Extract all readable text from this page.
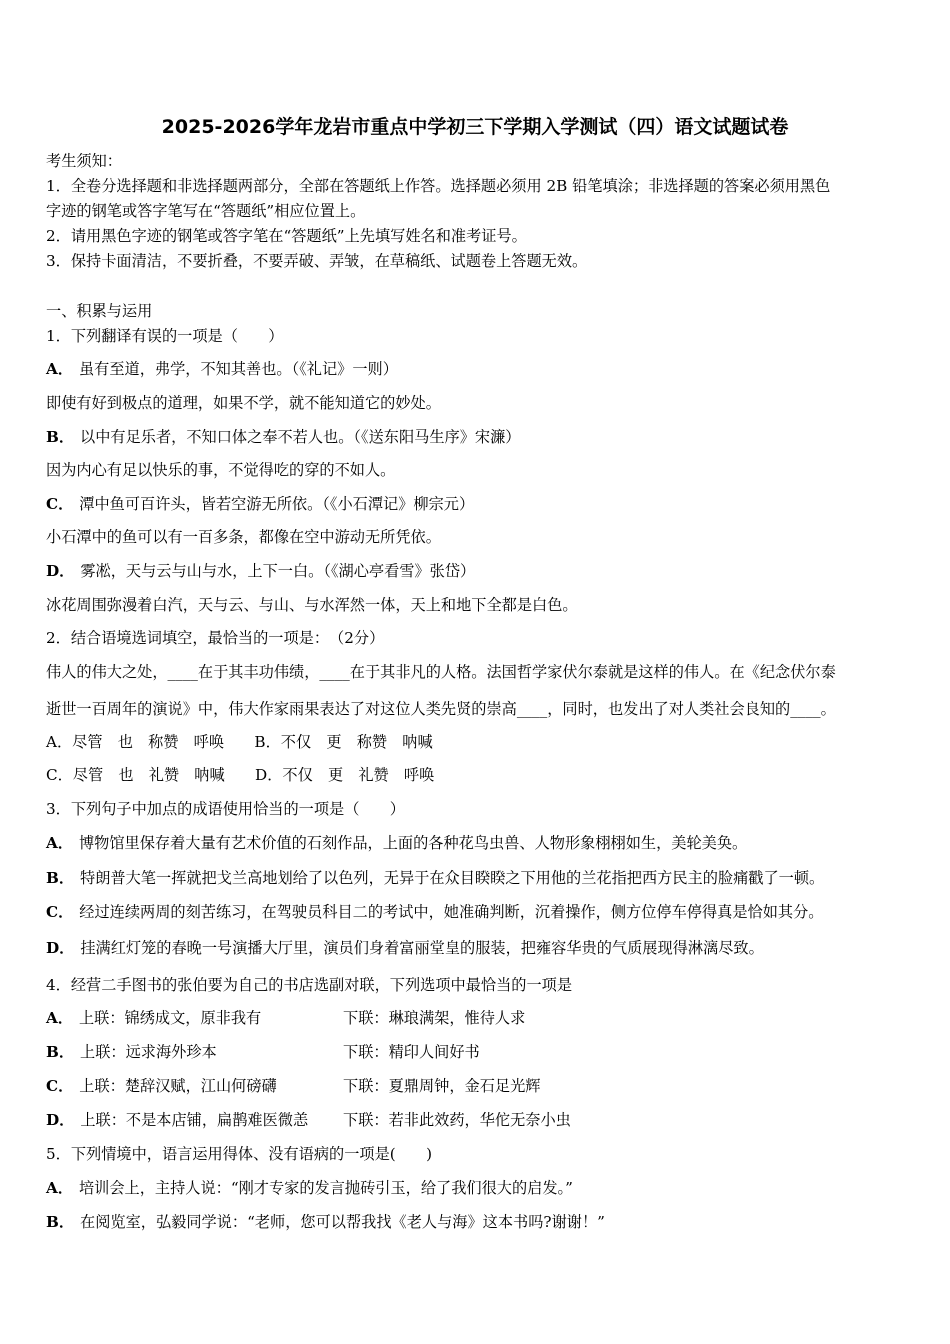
2025-2026学年龙岩市重点中学初三下学期入学测试（四）语文试题试卷
考生须知：
1．全卷分选择题和非选择题两部分，全部在答题纸上作答。选择题必须用 2B 铅笔填涂；非选择题的答案必须用黑色
字迹的钢笔或答字笔写在“答题纸”相应位置上。
2．请用黑色字迹的钢笔或答字笔在“答题纸”上先填写姓名和准考证号。
3．保持卡面清洁，不要折叠，不要弄破、弄皱，在草稿纸、试题卷上答题无效。
一、积累与运用
1．下列翻译有误的一项是（　　）
A． 虽有至道，弗学，不知其善也。（《礼记》一则）
即使有好到极点的道理，如果不学，就不能知道它的妙处。
B． 以中有足乐者，不知口体之奉不若人也。（《送东阳马生序》宋濂）
因为内心有足以快乐的事，不觉得吃的穿的不如人。
C． 潭中鱼可百许头，皆若空游无所依。（《小石潭记》柳宗元）
小石潭中的鱼可以有一百多条，都像在空中游动无所凭依。
D． 雾凇，天与云与山与水，上下一白。（《湖心亭看雪》张岱）
冰花周围弥漫着白汽，天与云、与山、与水浑然一体，天上和地下全都是白色。
2．结合语境选词填空，最恰当的一项是：　（2分）
伟人的伟大之处，____在于其丰功伟绩，____在于其非凡的人格。法国哲学家伏尔泰就是这样的伟人。在《纪念伏尔泰
逝世一百周年的演说》中，伟大作家雨果表达了对这位人类先贤的崇高____，同时，也发出了对人类社会良知的____。
A．尽管　也　称赞　呼唤　　B．不仅　更　称赞　呐喊
C．尽管　也　礼赞　呐喊　　D．不仅　更　礼赞　呼唤
3．下列句子中加点的成语使用恰当的一项是（　　）
A． 博物馆里保存着大量有艺术价值的石刻作品，上面的各种花鸟虫兽、人物形象栩栩如生，美轮美奂。
B． 特朗普大笔一挥就把戈兰高地划给了以色列，无异于在众目睽睽之下用他的兰花指把西方民主的脸痛戳了一顿。
C． 经过连续两周的刻苦练习，在驾驶员科目二的考试中，她准确判断，沉着操作，侧方位停车停得真是恰如其分。
D． 挂满红灯笼的春晚一号演播大厅里，演员们身着富丽堂皇的服装，把雍容华贵的气质展现得淋漓尽致。
4．经营二手图书的张伯要为自己的书店选副对联，下列选项中最恰当的一项是
A． 上联：锦绣成文，原非我有	下联：琳琅满架，惟待人求
B． 上联：远求海外珍本	下联：精印人间好书
C． 上联：楚辞汉赋，江山何磅礴	下联：夏鼎周钟，金石足光辉
D． 上联：不是本店铺，扁鹊难医微恙 下联：若非此效药，华佗无奈小虫
5．下列情境中，语言运用得体、没有语病的一项是(　　)
A． 培训会上，主持人说：“刚才专家的发言抛砖引玉，给了我们很大的启发。”
B． 在阅览室，弘毅同学说：“老师，您可以帮我找《老人与海》这本书吗?谢谢！”
